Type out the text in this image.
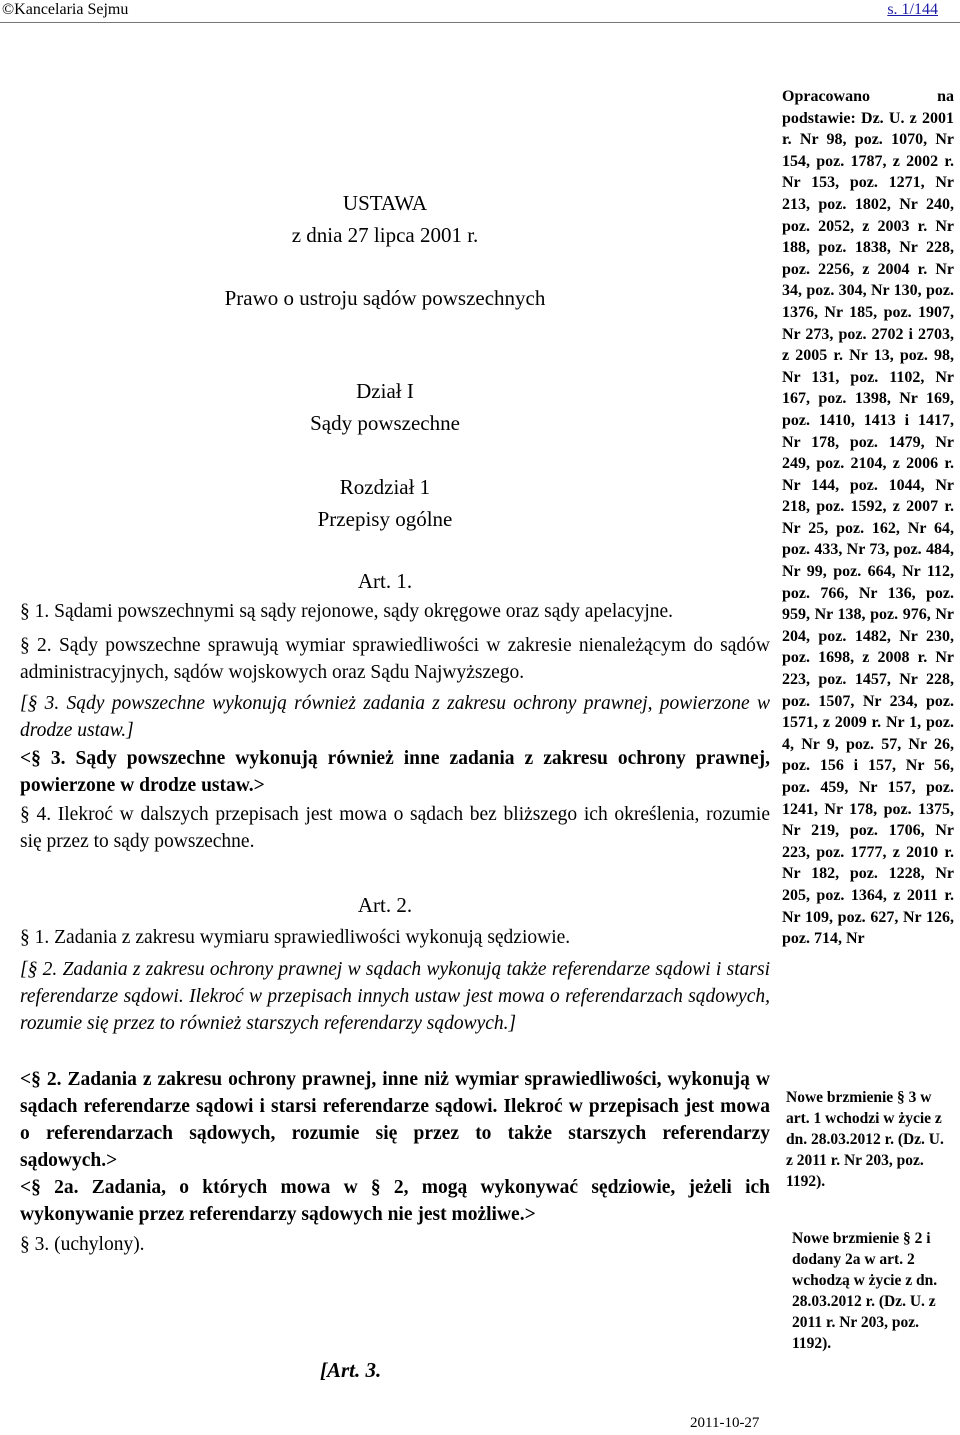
©Kancelaria Sejmu	s. 1/144
USTAWA
z dnia 27 lipca 2001 r.
Prawo o ustroju sądów powszechnych
Dział I
Sądy powszechne
Rozdział 1
Przepisy ogólne
Art. 1.
§ 1. Sądami powszechnymi są sądy rejonowe, sądy okręgowe oraz sądy apelacyjne.
§ 2. Sądy powszechne sprawują wymiar sprawiedliwości w zakresie nienależącym do sądów administracyjnych, sądów wojskowych oraz Sądu Najwyższego.
[§ 3. Sądy powszechne wykonują również zadania z zakresu ochrony prawnej, powierzone w drodze ustaw.]
<§ 3. Sądy powszechne wykonują również inne zadania z zakresu ochrony prawnej, powierzone w drodze ustaw.>
§ 4. Ilekroć w dalszych przepisach jest mowa o sądach bez bliższego ich określenia, rozumie się przez to sądy powszechne.
Art. 2.
§ 1. Zadania z zakresu wymiaru sprawiedliwości wykonują sędziowie.
[§ 2. Zadania z zakresu ochrony prawnej w sądach wykonują także referendarze sądowi i starsi referendarze sądowi. Ilekroć w przepisach innych ustaw jest mowa o referendarzach sądowych, rozumie się przez to również starszych referendarzy sądowych.]
<§ 2. Zadania z zakresu ochrony prawnej, inne niż wymiar sprawiedliwości, wykonują w sądach referendarze sądowi i starsi referendarze sądowi. Ilekroć w przepisach jest mowa o referendarzach sądowych, rozumie się przez to także starszych referendarzy sądowych.>
<§ 2a. Zadania, o których mowa w § 2, mogą wykonywać sędziowie, jeżeli ich wykonywanie przez referendarzy sądowych nie jest możliwe.>
§ 3. (uchylony).
[Art. 3.
Opracowano na podstawie: Dz. U. z 2001 r. Nr 98, poz. 1070, Nr 154, poz. 1787, z 2002 r. Nr 153, poz. 1271, Nr 213, poz. 1802, Nr 240, poz. 2052, z 2003 r. Nr 188, poz. 1838, Nr 228, poz. 2256, z 2004 r. Nr 34, poz. 304, Nr 130, poz. 1376, Nr 185, poz. 1907, Nr 273, poz. 2702 i 2703, z 2005 r. Nr 13, poz. 98, Nr 131, poz. 1102, Nr 167, poz. 1398, Nr 169, poz. 1410, 1413 i 1417, Nr 178, poz. 1479, Nr 249, poz. 2104, z 2006 r. Nr 144, poz. 1044, Nr 218, poz. 1592, z 2007 r. Nr 25, poz. 162, Nr 64, poz. 433, Nr 73, poz. 484, Nr 99, poz. 664, Nr 112, poz. 766, Nr 136, poz. 959, Nr 138, poz. 976, Nr 204, poz. 1482, Nr 230, poz. 1698, z 2008 r. Nr 223, poz. 1457, Nr 228, poz. 1507, Nr 234, poz. 1571, z 2009 r. Nr 1, poz. 4, Nr 9, poz. 57, Nr 26, poz. 156 i 157, Nr 56, poz. 459, Nr 157, poz. 1241, Nr 178, poz. 1375, Nr 219, poz. 1706, Nr 223, poz. 1777, z 2010 r. Nr 182, poz. 1228, Nr 205, poz. 1364, z 2011 r. Nr 109, poz. 627, Nr 126, poz. 714, Nr
Nowe brzmienie § 3 w art. 1 wchodzi w życie z dn. 28.03.2012 r. (Dz. U. z 2011 r. Nr 203, poz. 1192).
Nowe brzmienie § 2 i dodany 2a w art. 2 wchodzą w życie z dn. 28.03.2012 r. (Dz. U. z 2011 r. Nr 203, poz. 1192).
2011-10-27
